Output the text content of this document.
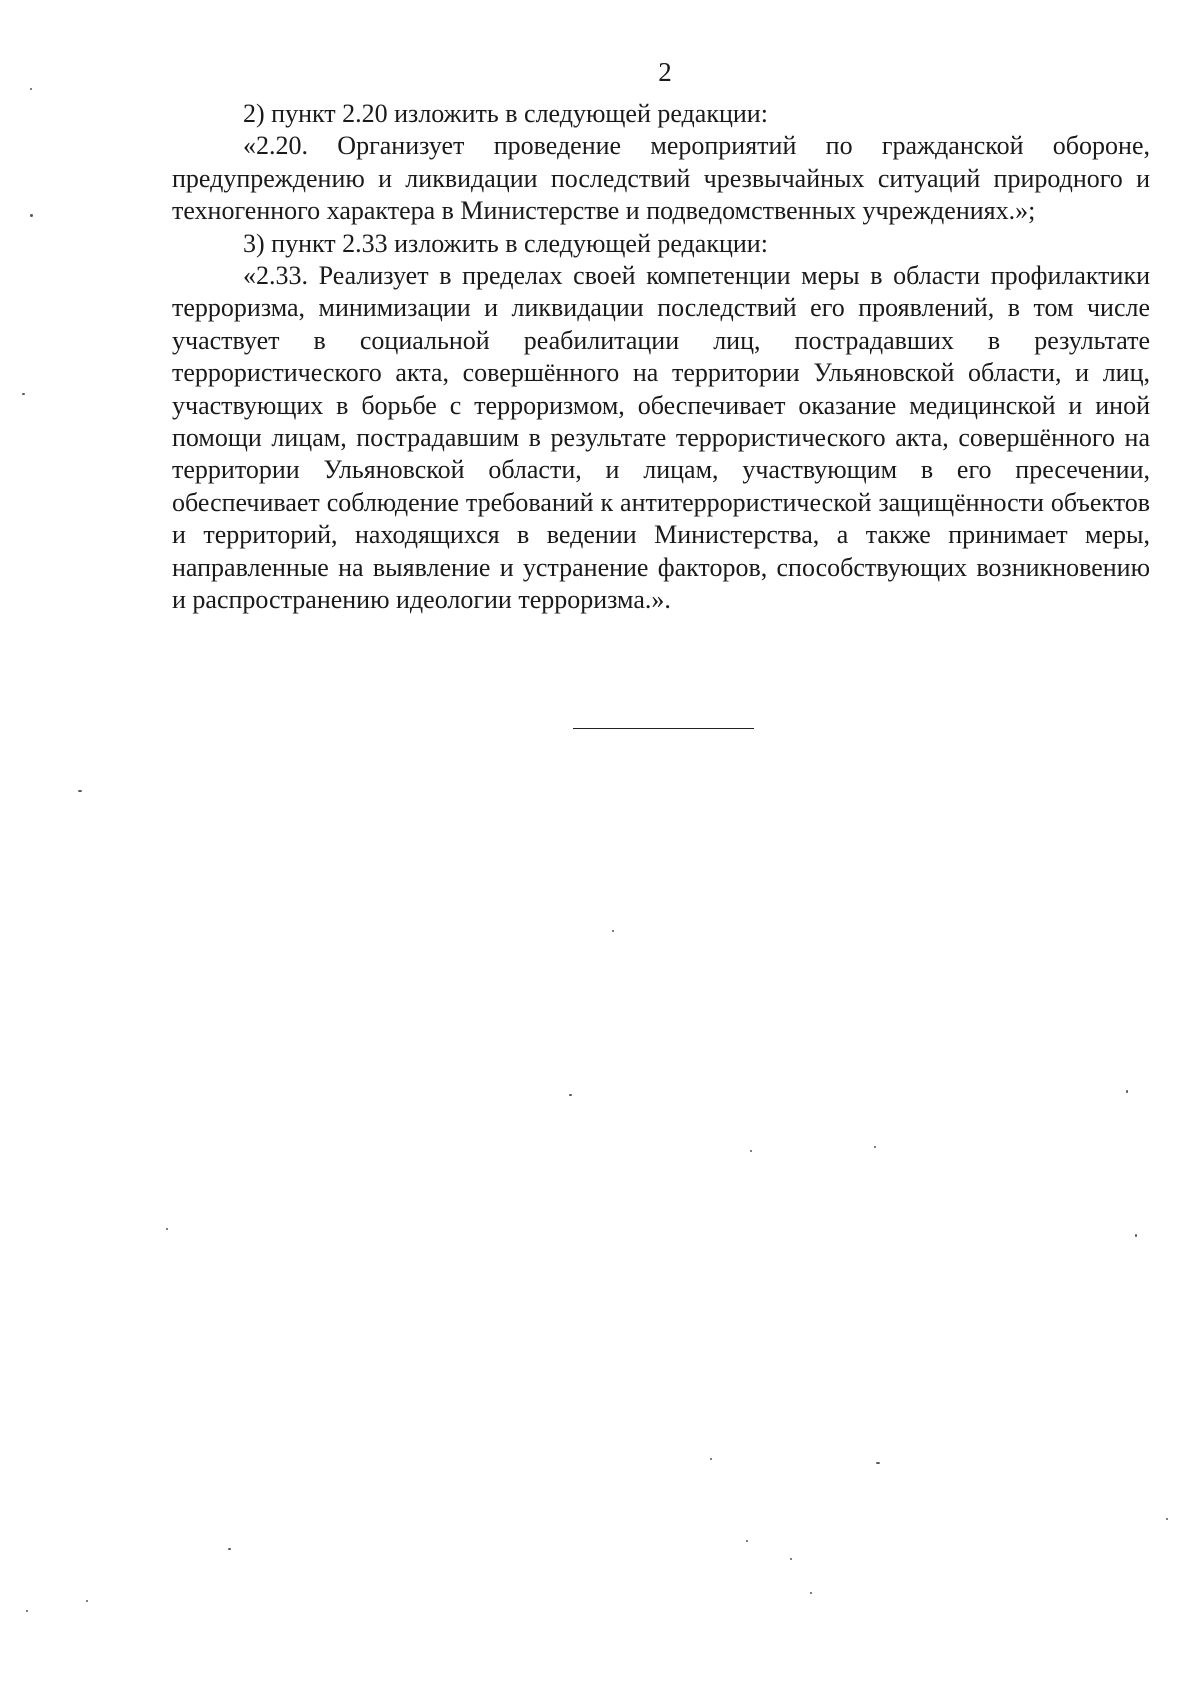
2

2) пункт 2.20 изложить в следующей редакции:

«2.20. Организует проведение мероприятий по гражданской обороне, предупреждению и ликвидации последствий чрезвычайных ситуаций природного и техногенного характера в Министерстве и подведомственных учреждениях.»;

3) пункт 2.33 изложить в следующей редакции:

«2.33. Реализует в пределах своей компетенции меры в области профилактики терроризма, минимизации и ликвидации последствий его проявлений, в том числе участвует в социальной реабилитации лиц, пострадавших в результате террористического акта, совершённого на территории Ульяновской области, и лиц, участвующих в борьбе с терроризмом, обеспечивает оказание медицинской и иной помощи лицам, пострадавшим в результате террористического акта, совершённого на территории Ульяновской области, и лицам, участвующим в его пресечении, обеспечивает соблюдение требований к антитеррористической защищённости объектов и территорий, находящихся в ведении Министерства, а также принимает меры, направленные на выявление и устранение факторов, способствующих возникновению и распространению идеологии терроризма.».
